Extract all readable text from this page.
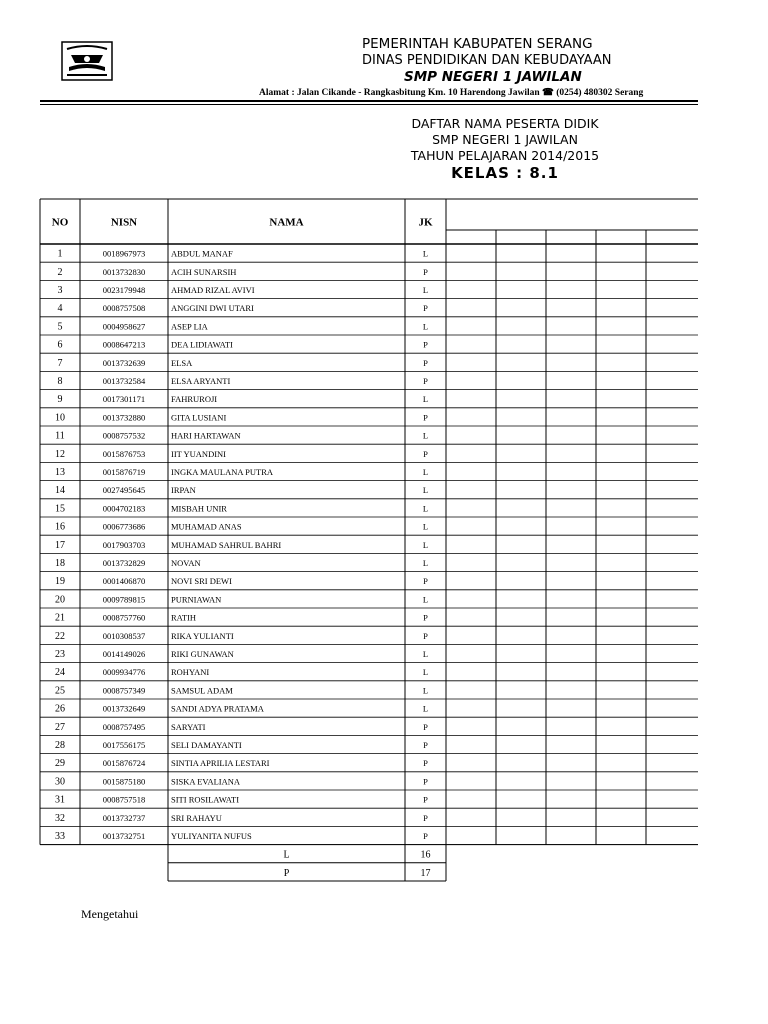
PEMERINTAH KABUPATEN SERANG
DINAS PENDIDIKAN DAN KEBUDAYAAN
SMP NEGERI 1 JAWILAN
Alamat : Jalan Cikande - Rangkasbitung Km. 10 Harendong Jawilan ☎ (0254) 480302 Serang
DAFTAR NAMA PESERTA DIDIK
SMP NEGERI 1 JAWILAN
TAHUN PELAJARAN 2014/2015
KELAS : 8.1
NO	NISN	NAMA	JK
1	0018967973	ABDUL MANAF	L
2	0013732830	ACIH SUNARSIH	P
3	0023179948	AHMAD RIZAL AVIVI	L
4	0008757508	ANGGINI DWI UTARI	P
5	0004958627	ASEP LIA	L
6	0008647213	DEA LIDIAWATI	P
7	0013732639	ELSA	P
8	0013732584	ELSA ARYANTI	P
9	0017301171	FAHRUROJI	L
10	0013732880	GITA LUSIANI	P
11	0008757532	HARI HARTAWAN	L
12	0015876753	IIT YUANDINI	P
13	0015876719	INGKA MAULANA PUTRA	L
14	0027495645	IRPAN	L
15	0004702183	MISBAH UNIR	L
16	0006773686	MUHAMAD ANAS	L
17	0017903703	MUHAMAD SAHRUL BAHRI	L
18	0013732829	NOVAN	L
19	0001406870	NOVI SRI DEWI	P
20	0009789815	PURNIAWAN	L
21	0008757760	RATIH	P
22	0010308537	RIKA YULIANTI	P
23	0014149026	RIKI GUNAWAN	L
24	0009934776	ROHYANI	L
25	0008757349	SAMSUL ADAM	L
26	0013732649	SANDI ADYA PRATAMA	L
27	0008757495	SARYATI	P
28	0017556175	SELI DAMAYANTI	P
29	0015876724	SINTIA APRILIA LESTARI	P
30	0015875180	SISKA EVALIANA	P
31	0008757518	SITI ROSILAWATI	P
32	0013732737	SRI RAHAYU	P
33	0013732751	YULIYANITA NUFUS	P
L	16
P	17
Mengetahui
